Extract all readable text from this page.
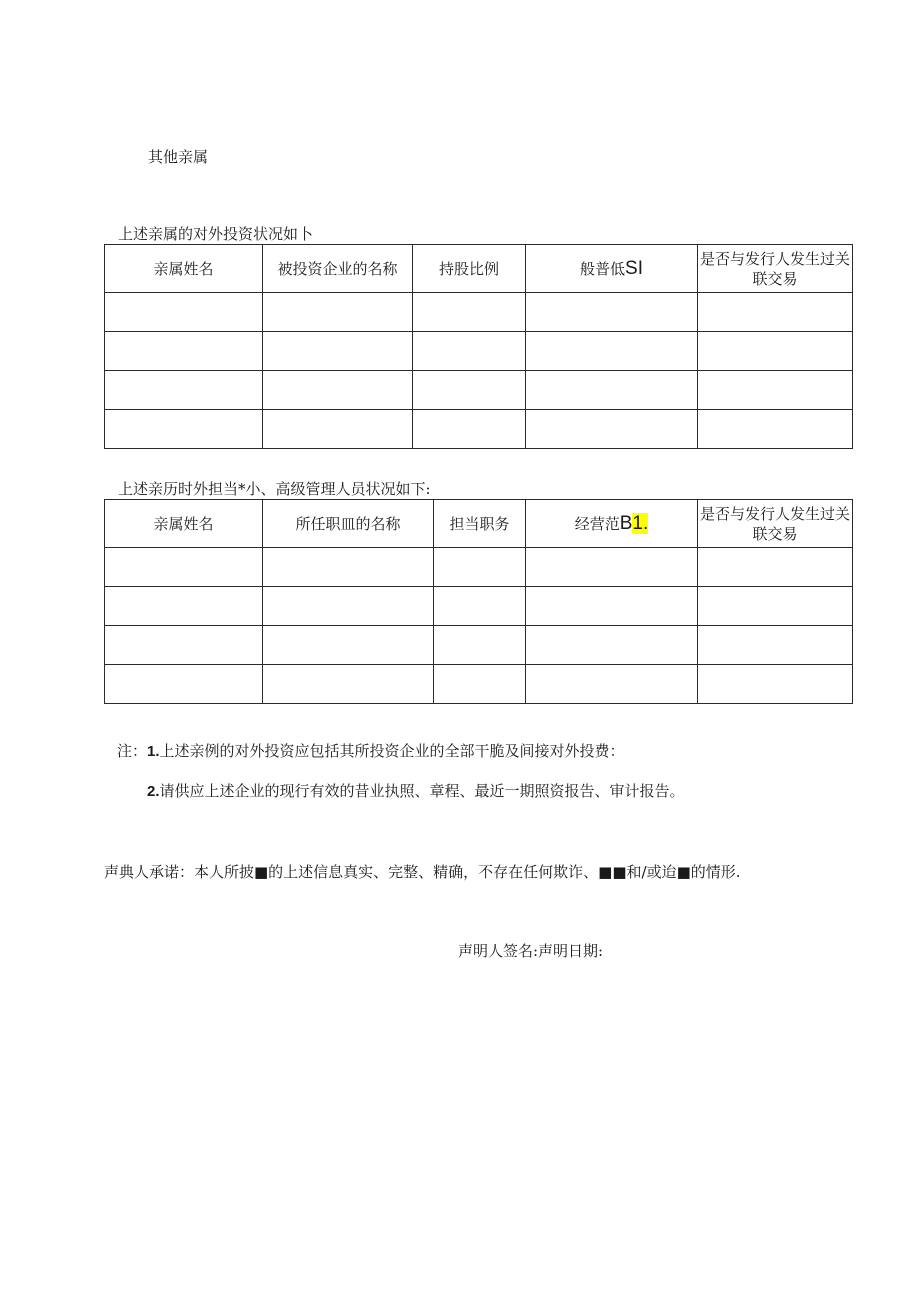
其他亲属
上述亲属的对外投资状况如卜
亲属姓名	被投资企业的名称	持股比例	般普低SI	是否与发行人发生过关联交易

上述亲历时外担当*小、高级管理人员状况如下:
亲属姓名	所任职皿的名称	担当职务	经营范B1.	是否与发行人发生过关联交易

注：1.上述亲例的对外投资应包括其所投资企业的全部干脆及间接对外投费：
2.请供应上述企业的现行有效的昔业执照、章程、最近一期照资报告、审计报告。
声典人承诺：本人所披■的上述信息真实、完整、精确，不存在任何欺诈、■■和/或迨■的情形.
声明人签名:声明日期:
